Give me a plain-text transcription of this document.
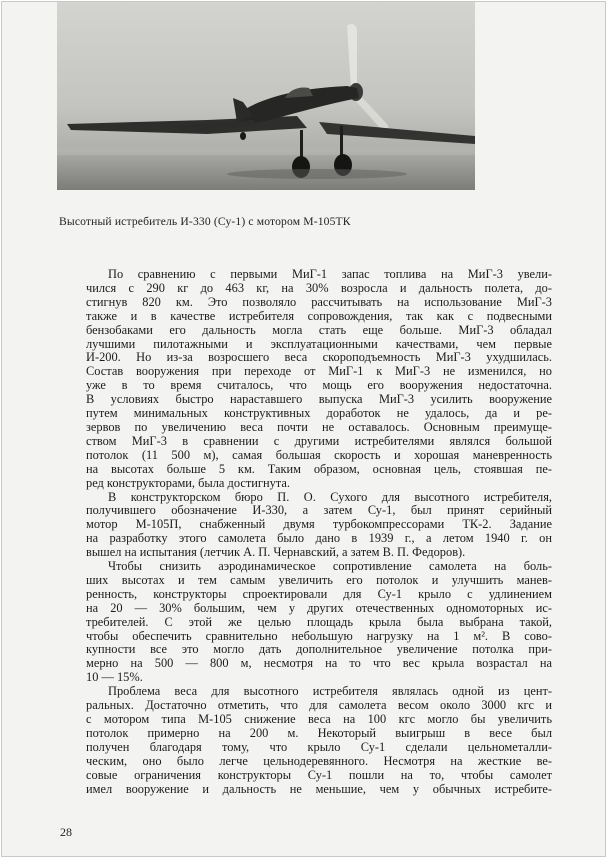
Высотный истребитель И-330 (Су-1) с мотором М-105ТК
По сравнению с первыми МиГ-1 запас топлива на МиГ-3 увели-
чился с 290 кг до 463 кг, на 30% возросла и дальность полета, до-
стигнув 820 км. Это позволяло рассчитывать на использование МиГ-3
также и в качестве истребителя сопровождения, так как с подвесными
бензобаками его дальность могла стать еще больше. МиГ-3 обладал
лучшими пилотажными и эксплуатационными качествами, чем первые
И-200. Но из-за возросшего веса скороподъемность МиГ-3 ухудшилась.
Состав вооружения при переходе от МиГ-1 к МиГ-3 не изменился, но
уже в то время считалось, что мощь его вооружения недостаточна.
В условиях быстро нараставшего выпуска МиГ-3 усилить вооружение
путем минимальных конструктивных доработок не удалось, да и ре-
зервов по увеличению веса почти не оставалось. Основным преимуще-
ством МиГ-3 в сравнении с другими истребителями являлся большой
потолок (11 500 м), самая большая скорость и хорошая маневренность
на высотах больше 5 км. Таким образом, основная цель, стоявшая пе-
ред конструкторами, была достигнута.
В конструкторском бюро П. О. Сухого для высотного истребителя,
получившего обозначение И-330, а затем Су-1, был принят серийный
мотор М-105П, снабженный двумя турбокомпрессорами ТК-2. Задание
на разработку этого самолета было дано в 1939 г., а летом 1940 г. он
вышел на испытания (летчик А. П. Чернавский, а затем В. П. Федоров).
Чтобы снизить аэродинамическое сопротивление самолета на боль-
ших высотах и тем самым увеличить его потолок и улучшить манев-
ренность, конструкторы спроектировали для Су-1 крыло с удлинением
на 20 — 30% большим, чем у других отечественных одномоторных ис-
требителей. С этой же целью площадь крыла была выбрана такой,
чтобы обеспечить сравнительно небольшую нагрузку на 1 м². В сово-
купности все это могло дать дополнительное увеличение потолка при-
мерно на 500 — 800 м, несмотря на то что вес крыла возрастал на
10 — 15%.
Проблема веса для высотного истребителя являлась одной из цент-
ральных. Достаточно отметить, что для самолета весом около 3000 кгс и
с мотором типа М-105 снижение веса на 100 кгс могло бы увеличить
потолок примерно на 200 м. Некоторый выигрыш в весе был
получен благодаря тому, что крыло Су-1 сделали цельнометалли-
ческим, оно было легче цельнодеревянного. Несмотря на жесткие ве-
совые ограничения конструкторы Су-1 пошли на то, чтобы самолет
имел вооружение и дальность не меньшие, чем у обычных истребите-
28
